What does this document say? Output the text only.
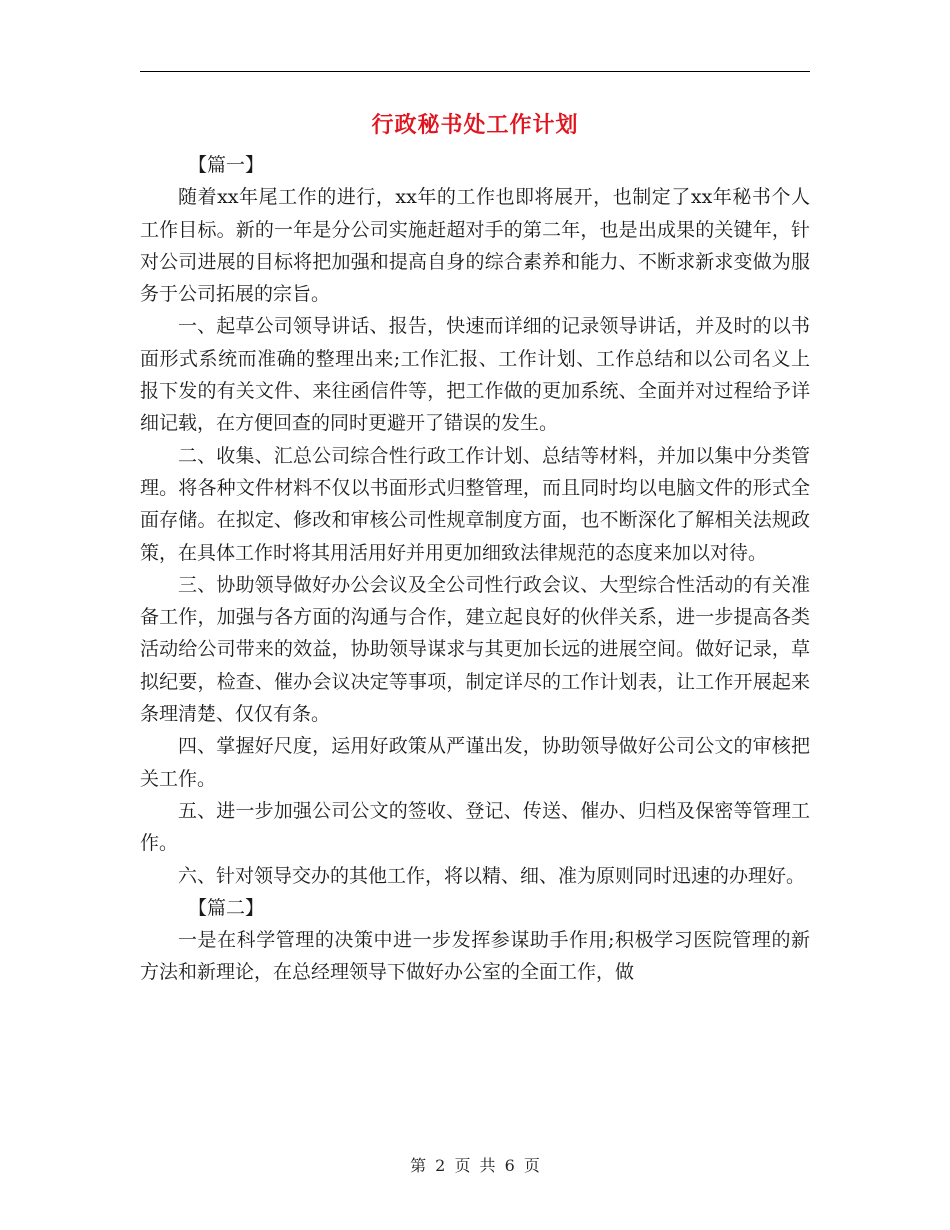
行政秘书处工作计划

【篇一】

随着xx年尾工作的进行，xx年的工作也即将展开，也制定了xx年秘书个人工作目标。新的一年是分公司实施赶超对手的第二年，也是出成果的关键年，针对公司进展的目标将把加强和提高自身的综合素养和能力、不断求新求变做为服务于公司拓展的宗旨。

一、起草公司领导讲话、报告，快速而详细的记录领导讲话，并及时的以书面形式系统而准确的整理出来;工作汇报、工作计划、工作总结和以公司名义上报下发的有关文件、来往函信件等，把工作做的更加系统、全面并对过程给予详细记载，在方便回查的同时更避开了错误的发生。

二、收集、汇总公司综合性行政工作计划、总结等材料，并加以集中分类管理。将各种文件材料不仅以书面形式归整管理，而且同时均以电脑文件的形式全面存储。在拟定、修改和审核公司性规章制度方面，也不断深化了解相关法规政策，在具体工作时将其用活用好并用更加细致法律规范的态度来加以对待。

三、协助领导做好办公会议及全公司性行政会议、大型综合性活动的有关准备工作，加强与各方面的沟通与合作，建立起良好的伙伴关系，进一步提高各类活动给公司带来的效益，协助领导谋求与其更加长远的进展空间。做好记录，草拟纪要，检查、催办会议决定等事项，制定详尽的工作计划表，让工作开展起来条理清楚、仅仅有条。

四、掌握好尺度，运用好政策从严谨出发，协助领导做好公司公文的审核把关工作。

五、进一步加强公司公文的签收、登记、传送、催办、归档及保密等管理工作。

六、针对领导交办的其他工作，将以精、细、准为原则同时迅速的办理好。

【篇二】

一是在科学管理的决策中进一步发挥参谋助手作用;积极学习医院管理的新方法和新理论，在总经理领导下做好办公室的全面工作，做

第 2 页 共 6 页
